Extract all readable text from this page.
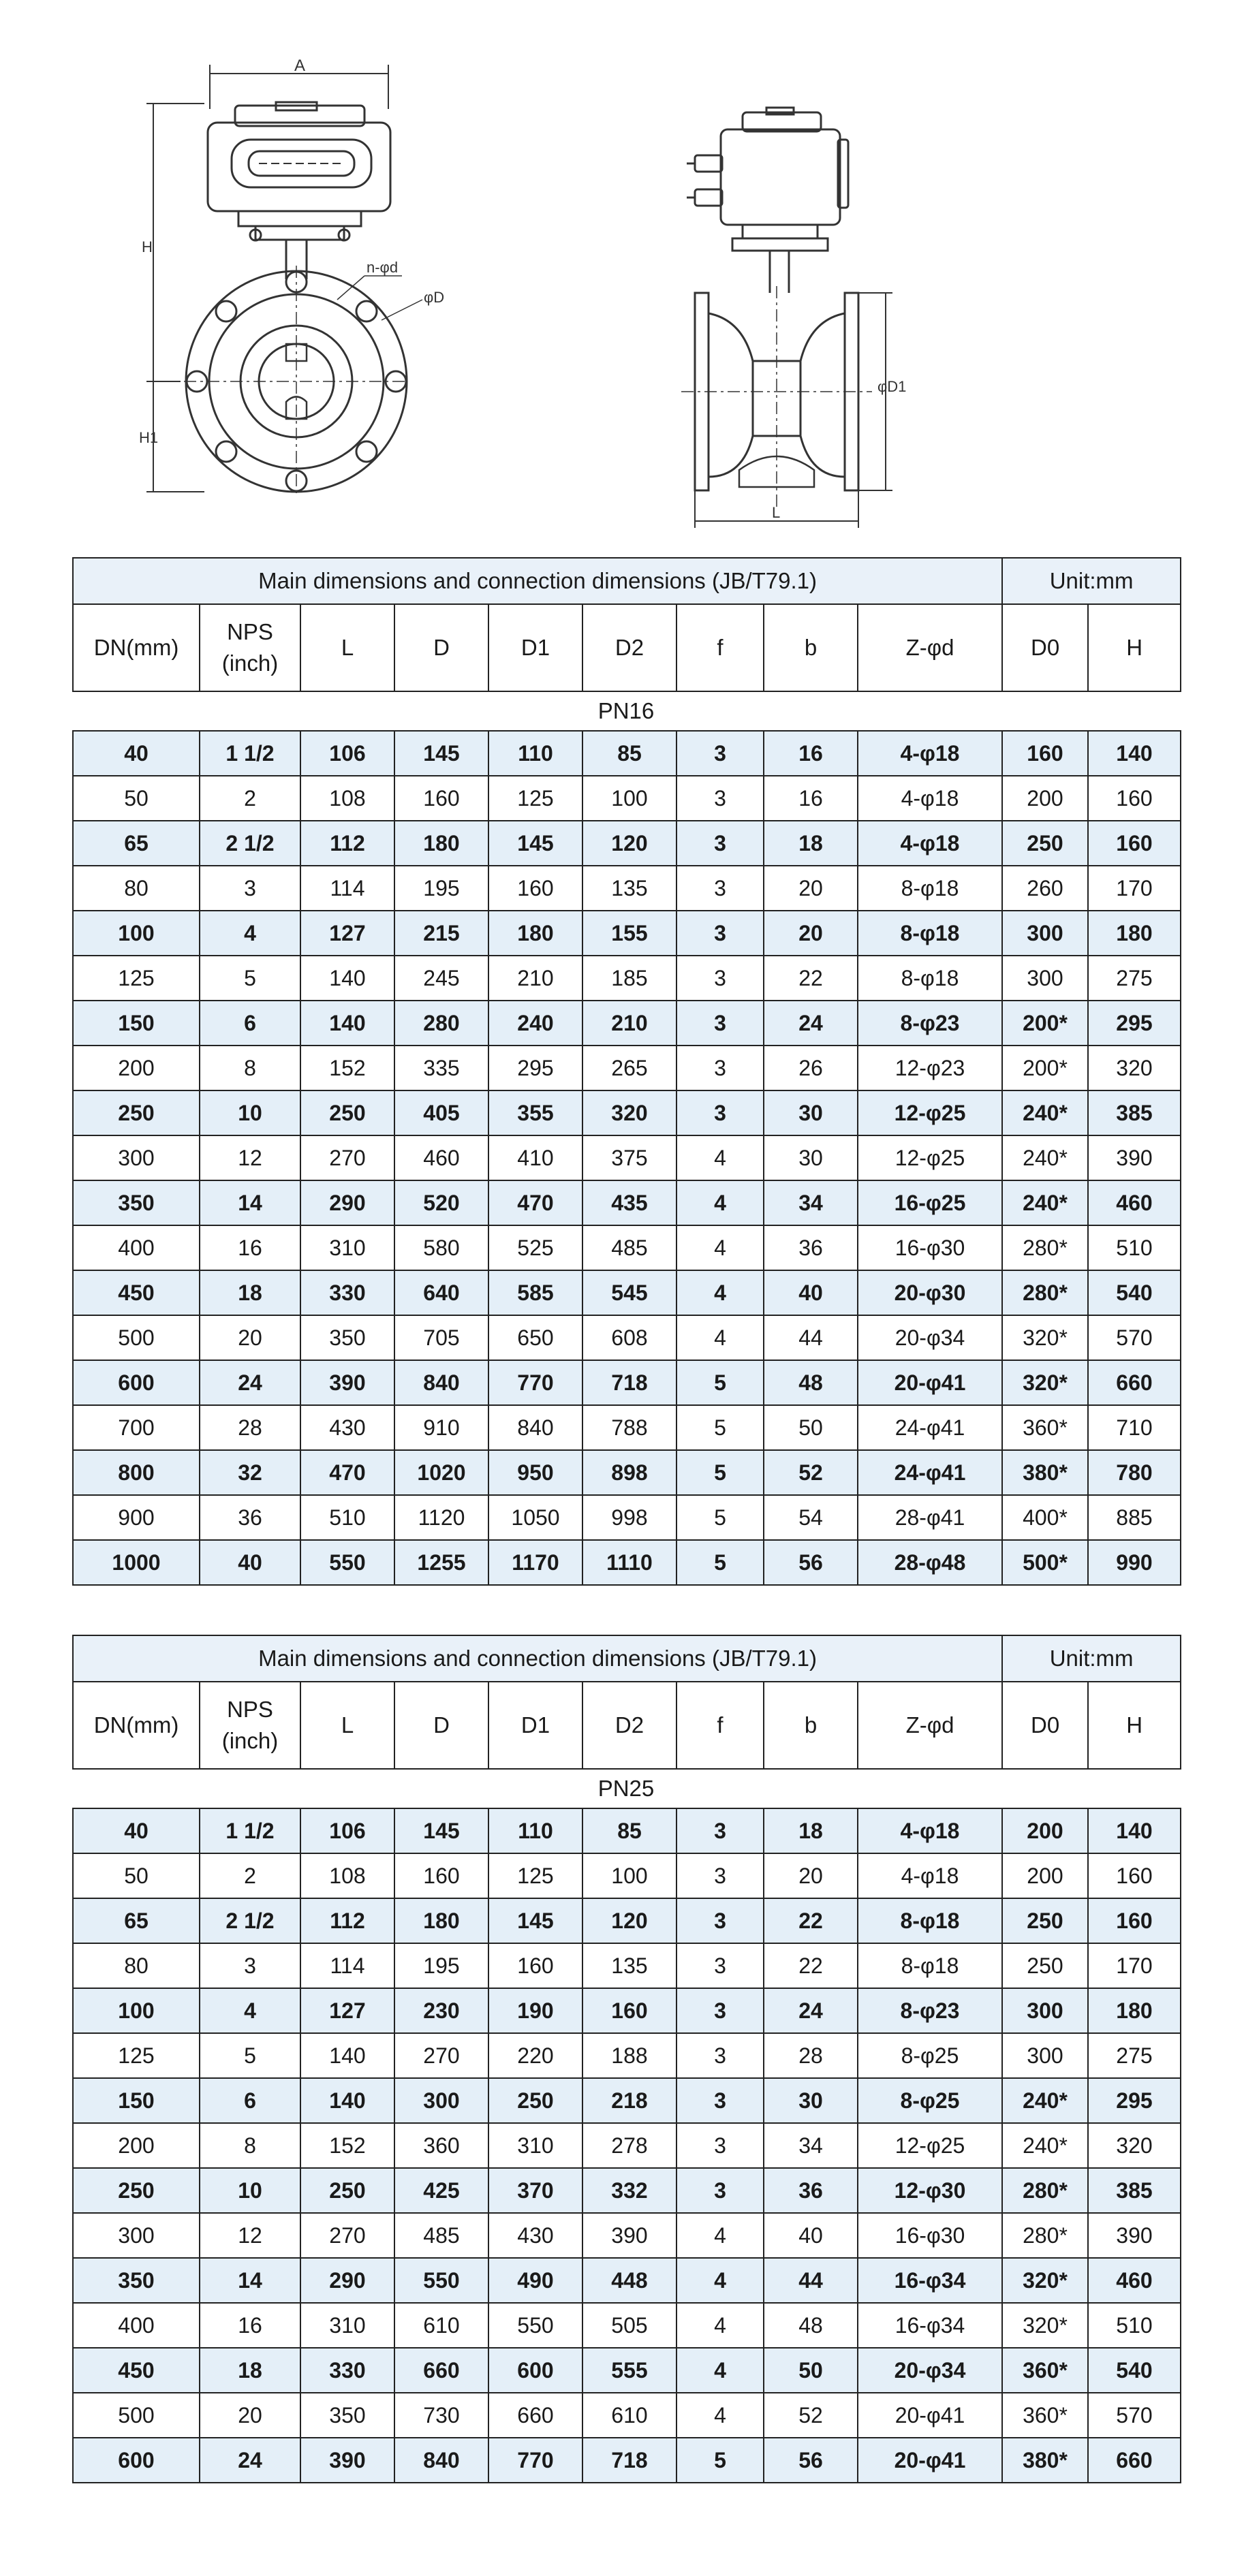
A
n-φd
φD
H
H1
L
φD1
Main dimensions and connection dimensions (JB/T79.1)									Unit:mm	
DN(mm)	NPS (inch)	L	D	D1	D2	f	b	Z-φd	D0	H
PN16
40	1 1/2	106	145	110	85	3	16	4-φ18	160	140
50	2	108	160	125	100	3	16	4-φ18	200	160
65	2 1/2	112	180	145	120	3	18	4-φ18	250	160
80	3	114	195	160	135	3	20	8-φ18	260	170
100	4	127	215	180	155	3	20	8-φ18	300	180
125	5	140	245	210	185	3	22	8-φ18	300	275
150	6	140	280	240	210	3	24	8-φ23	200*	295
200	8	152	335	295	265	3	26	12-φ23	200*	320
250	10	250	405	355	320	3	30	12-φ25	240*	385
300	12	270	460	410	375	4	30	12-φ25	240*	390
350	14	290	520	470	435	4	34	16-φ25	240*	460
400	16	310	580	525	485	4	36	16-φ30	280*	510
450	18	330	640	585	545	4	40	20-φ30	280*	540
500	20	350	705	650	608	4	44	20-φ34	320*	570
600	24	390	840	770	718	5	48	20-φ41	320*	660
700	28	430	910	840	788	5	50	24-φ41	360*	710
800	32	470	1020	950	898	5	52	24-φ41	380*	780
900	36	510	1120	1050	998	5	54	28-φ41	400*	885
1000	40	550	1255	1170	1110	5	56	28-φ48	500*	990
Main dimensions and connection dimensions (JB/T79.1)									Unit:mm	
DN(mm)	NPS (inch)	L	D	D1	D2	f	b	Z-φd	D0	H
PN25
40	1 1/2	106	145	110	85	3	18	4-φ18	200	140
50	2	108	160	125	100	3	20	4-φ18	200	160
65	2 1/2	112	180	145	120	3	22	8-φ18	250	160
80	3	114	195	160	135	3	22	8-φ18	250	170
100	4	127	230	190	160	3	24	8-φ23	300	180
125	5	140	270	220	188	3	28	8-φ25	300	275
150	6	140	300	250	218	3	30	8-φ25	240*	295
200	8	152	360	310	278	3	34	12-φ25	240*	320
250	10	250	425	370	332	3	36	12-φ30	280*	385
300	12	270	485	430	390	4	40	16-φ30	280*	390
350	14	290	550	490	448	4	44	16-φ34	320*	460
400	16	310	610	550	505	4	48	16-φ34	320*	510
450	18	330	660	600	555	4	50	20-φ34	360*	540
500	20	350	730	660	610	4	52	20-φ41	360*	570
600	24	390	840	770	718	5	56	20-φ41	380*	660
